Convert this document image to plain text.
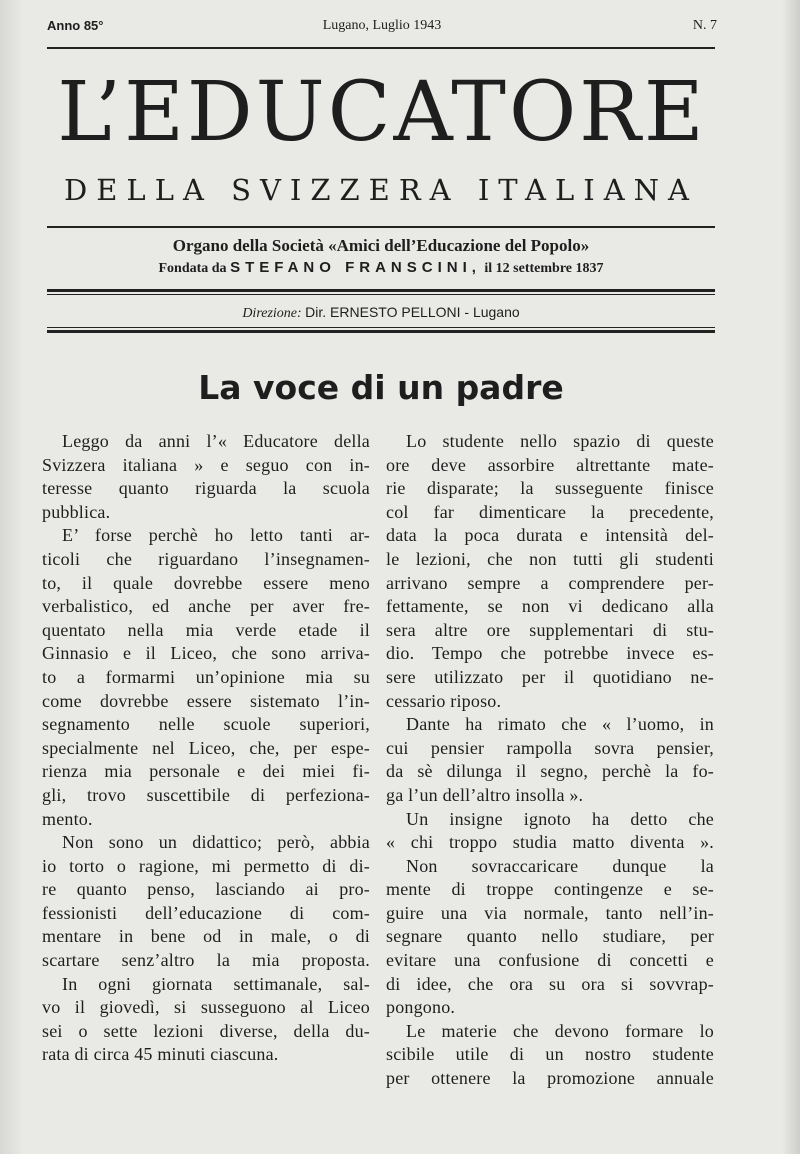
Anno 85°	Lugano, Luglio 1943	N. 7
L’EDUCATORE
DELLA SVIZZERA ITALIANA
Organo della Società «Amici dell’Educazione del Popolo»
Fondata da STEFANO FRANSCINI, il 12 settembre 1837
Direzione: Dir. ERNESTO PELLONI - Lugano
La voce di un padre
Leggo da anni l’« Educatore della
Svizzera italiana » e seguo con in-
teresse quanto riguarda la scuola
pubblica.
E’ forse perchè ho letto tanti ar-
ticoli che riguardano l’insegnamen-
to, il quale dovrebbe essere meno
verbalistico, ed anche per aver fre-
quentato nella mia verde etade il
Ginnasio e il Liceo, che sono arriva-
to a formarmi un’opinione mia su
come dovrebbe essere sistemato l’in-
segnamento nelle scuole superiori,
specialmente nel Liceo, che, per espe-
rienza mia personale e dei miei fi-
gli, trovo suscettibile di perfeziona-
mento.
Non sono un didattico; però, abbia
io torto o ragione, mi permetto di di-
re quanto penso, lasciando ai pro-
fessionisti dell’educazione di com-
mentare in bene od in male, o di
scartare senz’altro la mia proposta.
In ogni giornata settimanale, sal-
vo il giovedì, si susseguono al Liceo
sei o sette lezioni diverse, della du-
rata di circa 45 minuti ciascuna.
Lo studente nello spazio di queste
ore deve assorbire altrettante mate-
rie disparate; la susseguente finisce
col far dimenticare la precedente,
data la poca durata e intensità del-
le lezioni, che non tutti gli studenti
arrivano sempre a comprendere per-
fettamente, se non vi dedicano alla
sera altre ore supplementari di stu-
dio. Tempo che potrebbe invece es-
sere utilizzato per il quotidiano ne-
cessario riposo.
Dante ha rimato che « l’uomo, in
cui pensier rampolla sovra pensier,
da sè dilunga il segno, perchè la fo-
ga l’un dell’altro insolla ».
Un insigne ignoto ha detto che
« chi troppo studia matto diventa ».
Non sovraccaricare dunque la
mente di troppe contingenze e se-
guire una via normale, tanto nell’in-
segnare quanto nello studiare, per
evitare una confusione di concetti e
di idee, che ora su ora si sovvrap-
pongono.
Le materie che devono formare lo
scibile utile di un nostro studente
per ottenere la promozione annuale
